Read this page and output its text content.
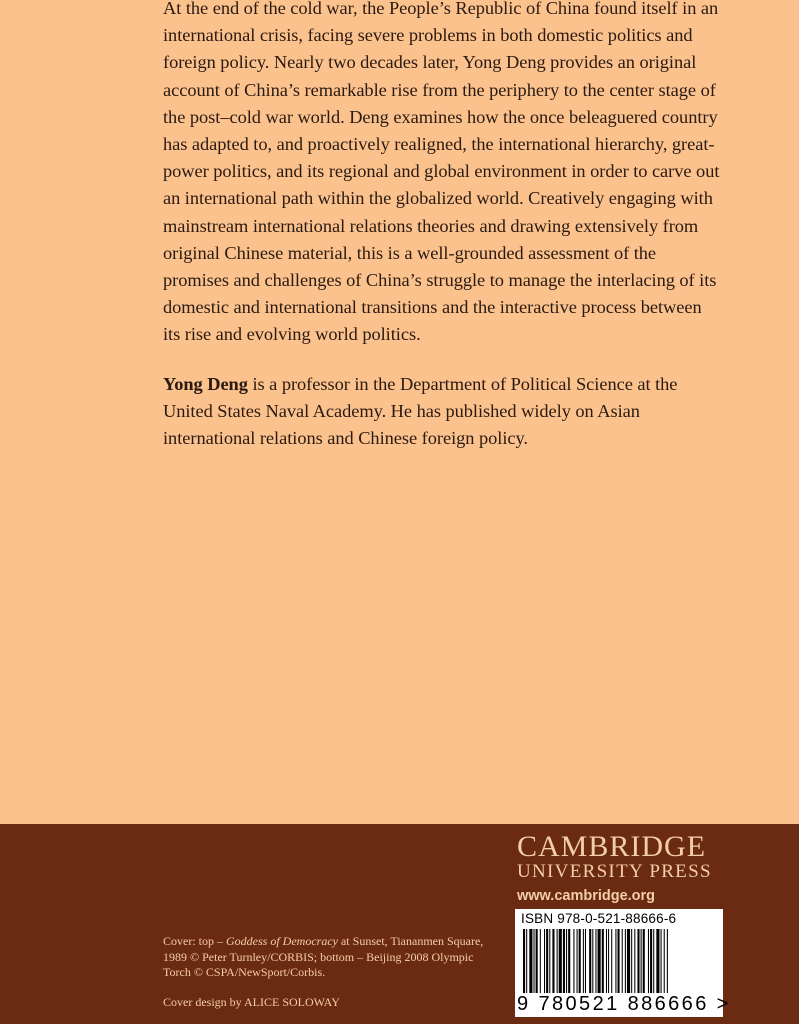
At the end of the cold war, the People’s Republic of China found itself in an international crisis, facing severe problems in both domestic politics and foreign policy. Nearly two decades later, Yong Deng provides an original account of China’s remarkable rise from the periphery to the center stage of the post–cold war world. Deng examines how the once beleaguered country has adapted to, and proactively realigned, the international hierarchy, great-power politics, and its regional and global environment in order to carve out an international path within the globalized world. Creatively engaging with mainstream international relations theories and drawing extensively from original Chinese material, this is a well-grounded assessment of the promises and challenges of China’s struggle to manage the interlacing of its domestic and international transitions and the interactive process between its rise and evolving world politics.

Yong Deng is a professor in the Department of Political Science at the United States Naval Academy. He has published widely on Asian international relations and Chinese foreign policy.

CAMBRIDGE
UNIVERSITY PRESS
www.cambridge.org

Cover: top – Goddess of Democracy at Sunset, Tiananmen Square, 1989 © Peter Turnley/CORBIS; bottom – Beijing 2008 Olympic Torch © CSPA/NewSport/Corbis.

Cover design by ALICE SOLOWAY

ISBN 978-0-521-88666-6
9 780521 886666 >
